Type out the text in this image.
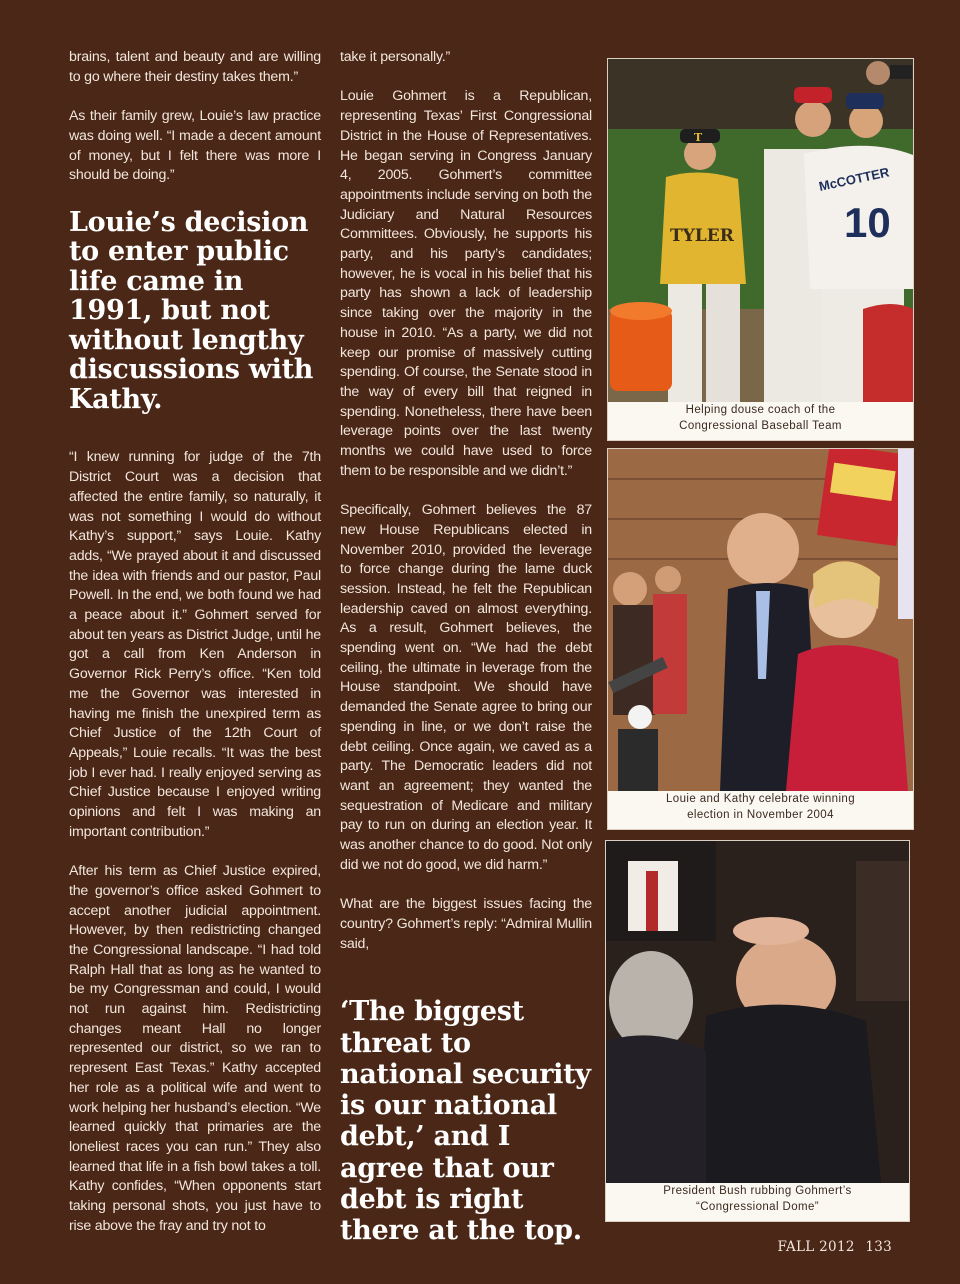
brains, talent and beauty and are willing to go where their destiny takes them.”

As their family grew, Louie’s law practice was doing well. “I made a decent amount of money, but I felt there was more I should be doing.”

Louie’s decision to enter public life came in 1991, but not without lengthy discussions with Kathy.

“I knew running for judge of the 7th District Court was a decision that affected the entire family, so naturally, it was not something I would do without Kathy’s support,” says Louie. Kathy adds, “We prayed about it and discussed the idea with friends and our pastor, Paul Powell. In the end, we both found we had a peace about it.” Gohmert served for about ten years as District Judge, until he got a call from Ken Anderson in Governor Rick Perry’s office. “Ken told me the Governor was interested in having me finish the unexpired term as Chief Justice of the 12th Court of Appeals,” Louie recalls. “It was the best job I ever had. I really enjoyed serving as Chief Justice because I enjoyed writing opinions and felt I was making an important contribution.”

After his term as Chief Justice expired, the governor’s office asked Gohmert to accept another judicial appointment. However, by then redistricting changed the Congressional landscape. “I had told Ralph Hall that as long as he wanted to be my Congressman and could, I would not run against him. Redistricting changes meant Hall no longer represented our district, so we ran to represent East Texas.” Kathy accepted her role as a political wife and went to work helping her husband’s election. “We learned quickly that primaries are the loneliest races you can run.” They also learned that life in a fish bowl takes a toll. Kathy confides, “When opponents start taking personal shots, you just have to rise above the fray and try not to

take it personally.”

Louie Gohmert is a Republican, representing Texas’ First Congressional District in the House of Representatives. He began serving in Congress January 4, 2005. Gohmert’s committee appointments include serving on both the Judiciary and Natural Resources Committees. Obviously, he supports his party, and his party’s candidates; however, he is vocal in his belief that his party has shown a lack of leadership since taking over the majority in the house in 2010. “As a party, we did not keep our promise of massively cutting spending. Of course, the Senate stood in the way of every bill that reigned in spending. Nonetheless, there have been leverage points over the last twenty months we could have used to force them to be responsible and we didn’t.”

Specifically, Gohmert believes the 87 new House Republicans elected in November 2010, provided the leverage to force change during the lame duck session. Instead, he felt the Republican leadership caved on almost everything. As a result, Gohmert believes, the spending went on. “We had the debt ceiling, the ultimate in leverage from the House standpoint. We should have demanded the Senate agree to bring our spending in line, or we don’t raise the debt ceiling. Once again, we caved as a party. The Democratic leaders did not want an agreement; they wanted the sequestration of Medicare and military pay to run on during an election year. It was another chance to do good. Not only did we not do good, we did harm.”

What are the biggest issues facing the country? Gohmert’s reply: “Admiral Mullin said,

‘The biggest threat to national security is our national debt,’ and I agree that our debt is right there at the top.
T
TYLER
McCOTTER
10
Helping douse coach of the
Congressional Baseball Team
Louie and Kathy celebrate winning
election in November 2004
President Bush rubbing Gohmert’s
“Congressional Dome”
FALL 2012 133
